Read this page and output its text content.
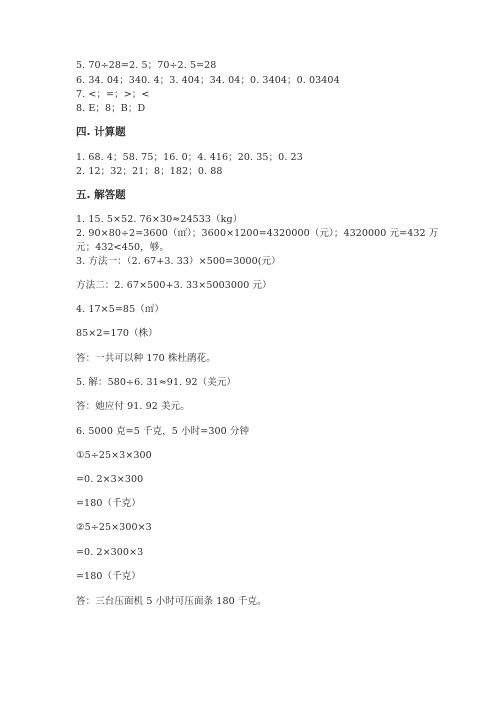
5. 70÷28=2. 5；70÷2. 5=28
6. 34. 04；340. 4；3. 404；34. 04；0. 3404；0. 03404
7. <；=；>；<
8. E；8；B；D
四. 计算题
1. 68. 4；58. 75；16. 0；4. 416；20. 35；0. 23
2. 12；32；21；8；182；0. 88
五. 解答题
1. 15. 5×52. 76×30≈24533（kg）
2. 90×80÷2=3600（㎡）；3600×1200=4320000（元）；4320000 元=432 万
元；432<450，够。
3. 方法一：（2. 67+3. 33）×500=3000(元）
方法二：2. 67×500+3. 33×5003000 元）
4. 17×5=85（㎡）
85×2=170（株）
答：一共可以种 170 株杜鹃花。
5. 解：580÷6. 31≈91. 92（美元）
答：她应付 91. 92 美元。
6. 5000 克=5 千克，5 小时=300 分钟
①5÷25×3×300
=0. 2×3×300
=180（千克）
②5÷25×300×3
=0. 2×300×3
=180（千克）
答：三台压面机 5 小时可压面条 180 千克。
